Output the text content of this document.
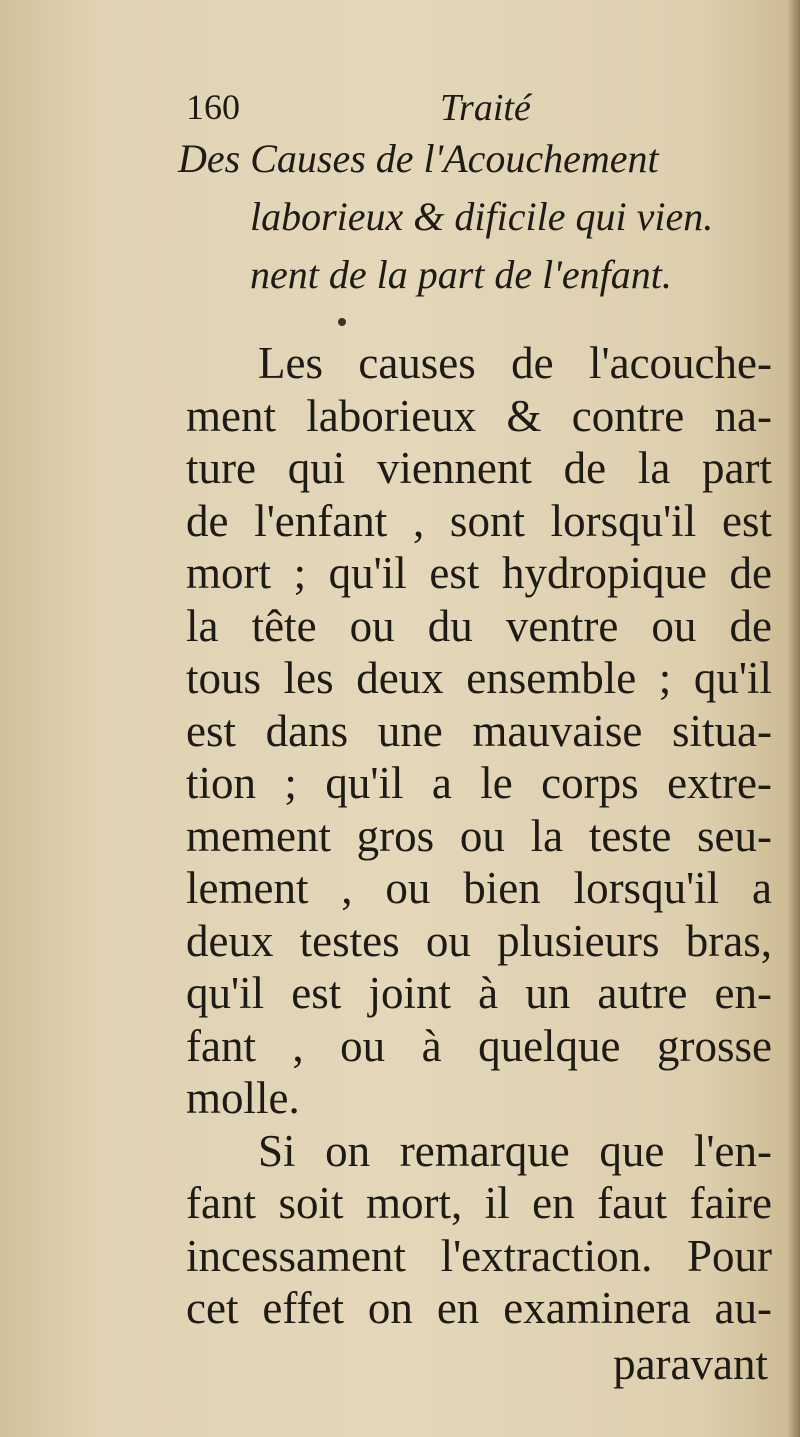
160	Traité
Des Causes de l'Acouchement
laborieux & dificile qui vien.
nent de la part de l'enfant.
Les causes de l'acouche-
ment laborieux & contre na-
ture qui viennent de la part
de l'enfant , sont lorsqu'il est
mort ; qu'il est hydropique de
la tête ou du ventre ou de
tous les deux ensemble ; qu'il
est dans une mauvaise situa-
tion ; qu'il a le corps extre-
mement gros ou la teste seu-
lement , ou bien lorsqu'il a
deux testes ou plusieurs bras,
qu'il est joint à un autre en-
fant , ou à quelque grosse
molle.
Si on remarque que l'en-
fant soit mort, il en faut faire
incessament l'extraction. Pour
cet effet on en examinera au-
paravant
